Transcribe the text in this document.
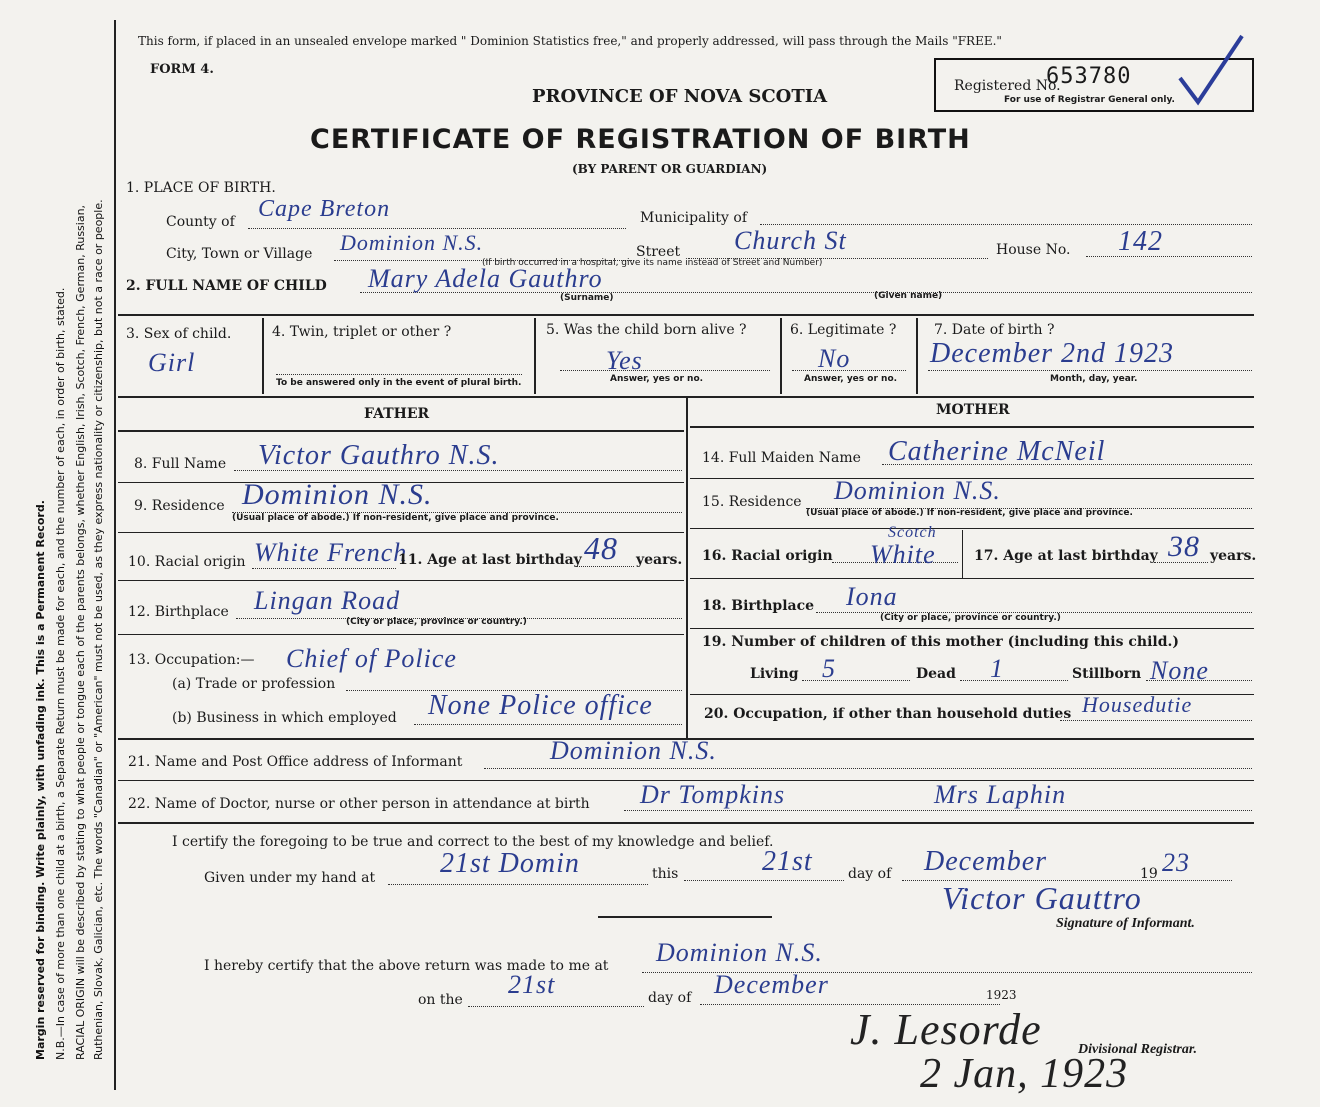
Margin reserved for binding. Write plainly, with unfading ink. This is a Permanent Record. N.B.—In case of more than one child at a birth, a Separate Return must be made for each, and the number of each, in order of birth, stated. RACIAL ORIGIN will be described by stating to what people or tongue each of the parents belongs, whether English, Irish, Scotch, French, German, Russian, Ruthenian, Slovak, Galician, etc. The words "Canadian" or "American" must not be used, as they express nationality or citizenship, but not a race or people.
This form, if placed in an unsealed envelope marked " Dominion Statistics free," and properly addressed, will pass through the Mails "FREE."
FORM 4.
Registered No.
653780
For use of Registrar General only.
PROVINCE OF NOVA SCOTIA
CERTIFICATE OF REGISTRATION OF BIRTH
(BY PARENT OR GUARDIAN)
1. PLACE OF BIRTH.
County of Cape Breton	Municipality of
City, Town or Village Dominion N.S.	Street Church St	House No. 142
(If birth occurred in a hospital, give its name instead of Street and Number)
2. FULL NAME OF CHILD Mary Adela Gauthro
(Surname)	(Given name)
3. Sex of child.
Girl
4. Twin, triplet or other ?
To be answered only in the event of plural birth.
5. Was the child born alive ?
Yes
Answer, yes or no.
6. Legitimate ?
No
Answer, yes or no.
7. Date of birth ?
December 2nd 1923
Month, day, year.
FATHER	MOTHER
8. Full Name Victor Gauthro N.S.
9. Residence Dominion N.S.
(Usual place of abode.) If non-resident, give place and province.
10. Racial origin White French
11. Age at last birthday 48 years.
12. Birthplace Lingan Road
(City or place, province or country.)
13. Occupation:— Chief of Police
(a) Trade or profession
(b) Business in which employed None Police office
14. Full Maiden Name Catherine McNeil
15. Residence Dominion N.S.
(Usual place of abode.) If non-resident, give place and province.
16. Racial origin
Scotch
White	17. Age at last birthday 38 years.
18. Birthplace Iona
(City or place, province or country.)
19. Number of children of this mother (including this child.)
Living 5	Dead 1	Stillborn None
20. Occupation, if other than household duties Housedutie
21. Name and Post Office address of Informant	Dominion N.S.
22. Name of Doctor, nurse or other person in attendance at birth Dr Tompkins	Mrs Laphin
I certify the foregoing to be true and correct to the best of my knowledge and belief.
Given under my hand at 21st Domin	this	21st	day of December	19 23
Victor Gauttro
Signature of Informant.
I hereby certify that the above return was made to me at Dominion N.S.
on the
21st	day of December	1923
J. Lesorde	Divisional Registrar.
2 Jan, 1923
